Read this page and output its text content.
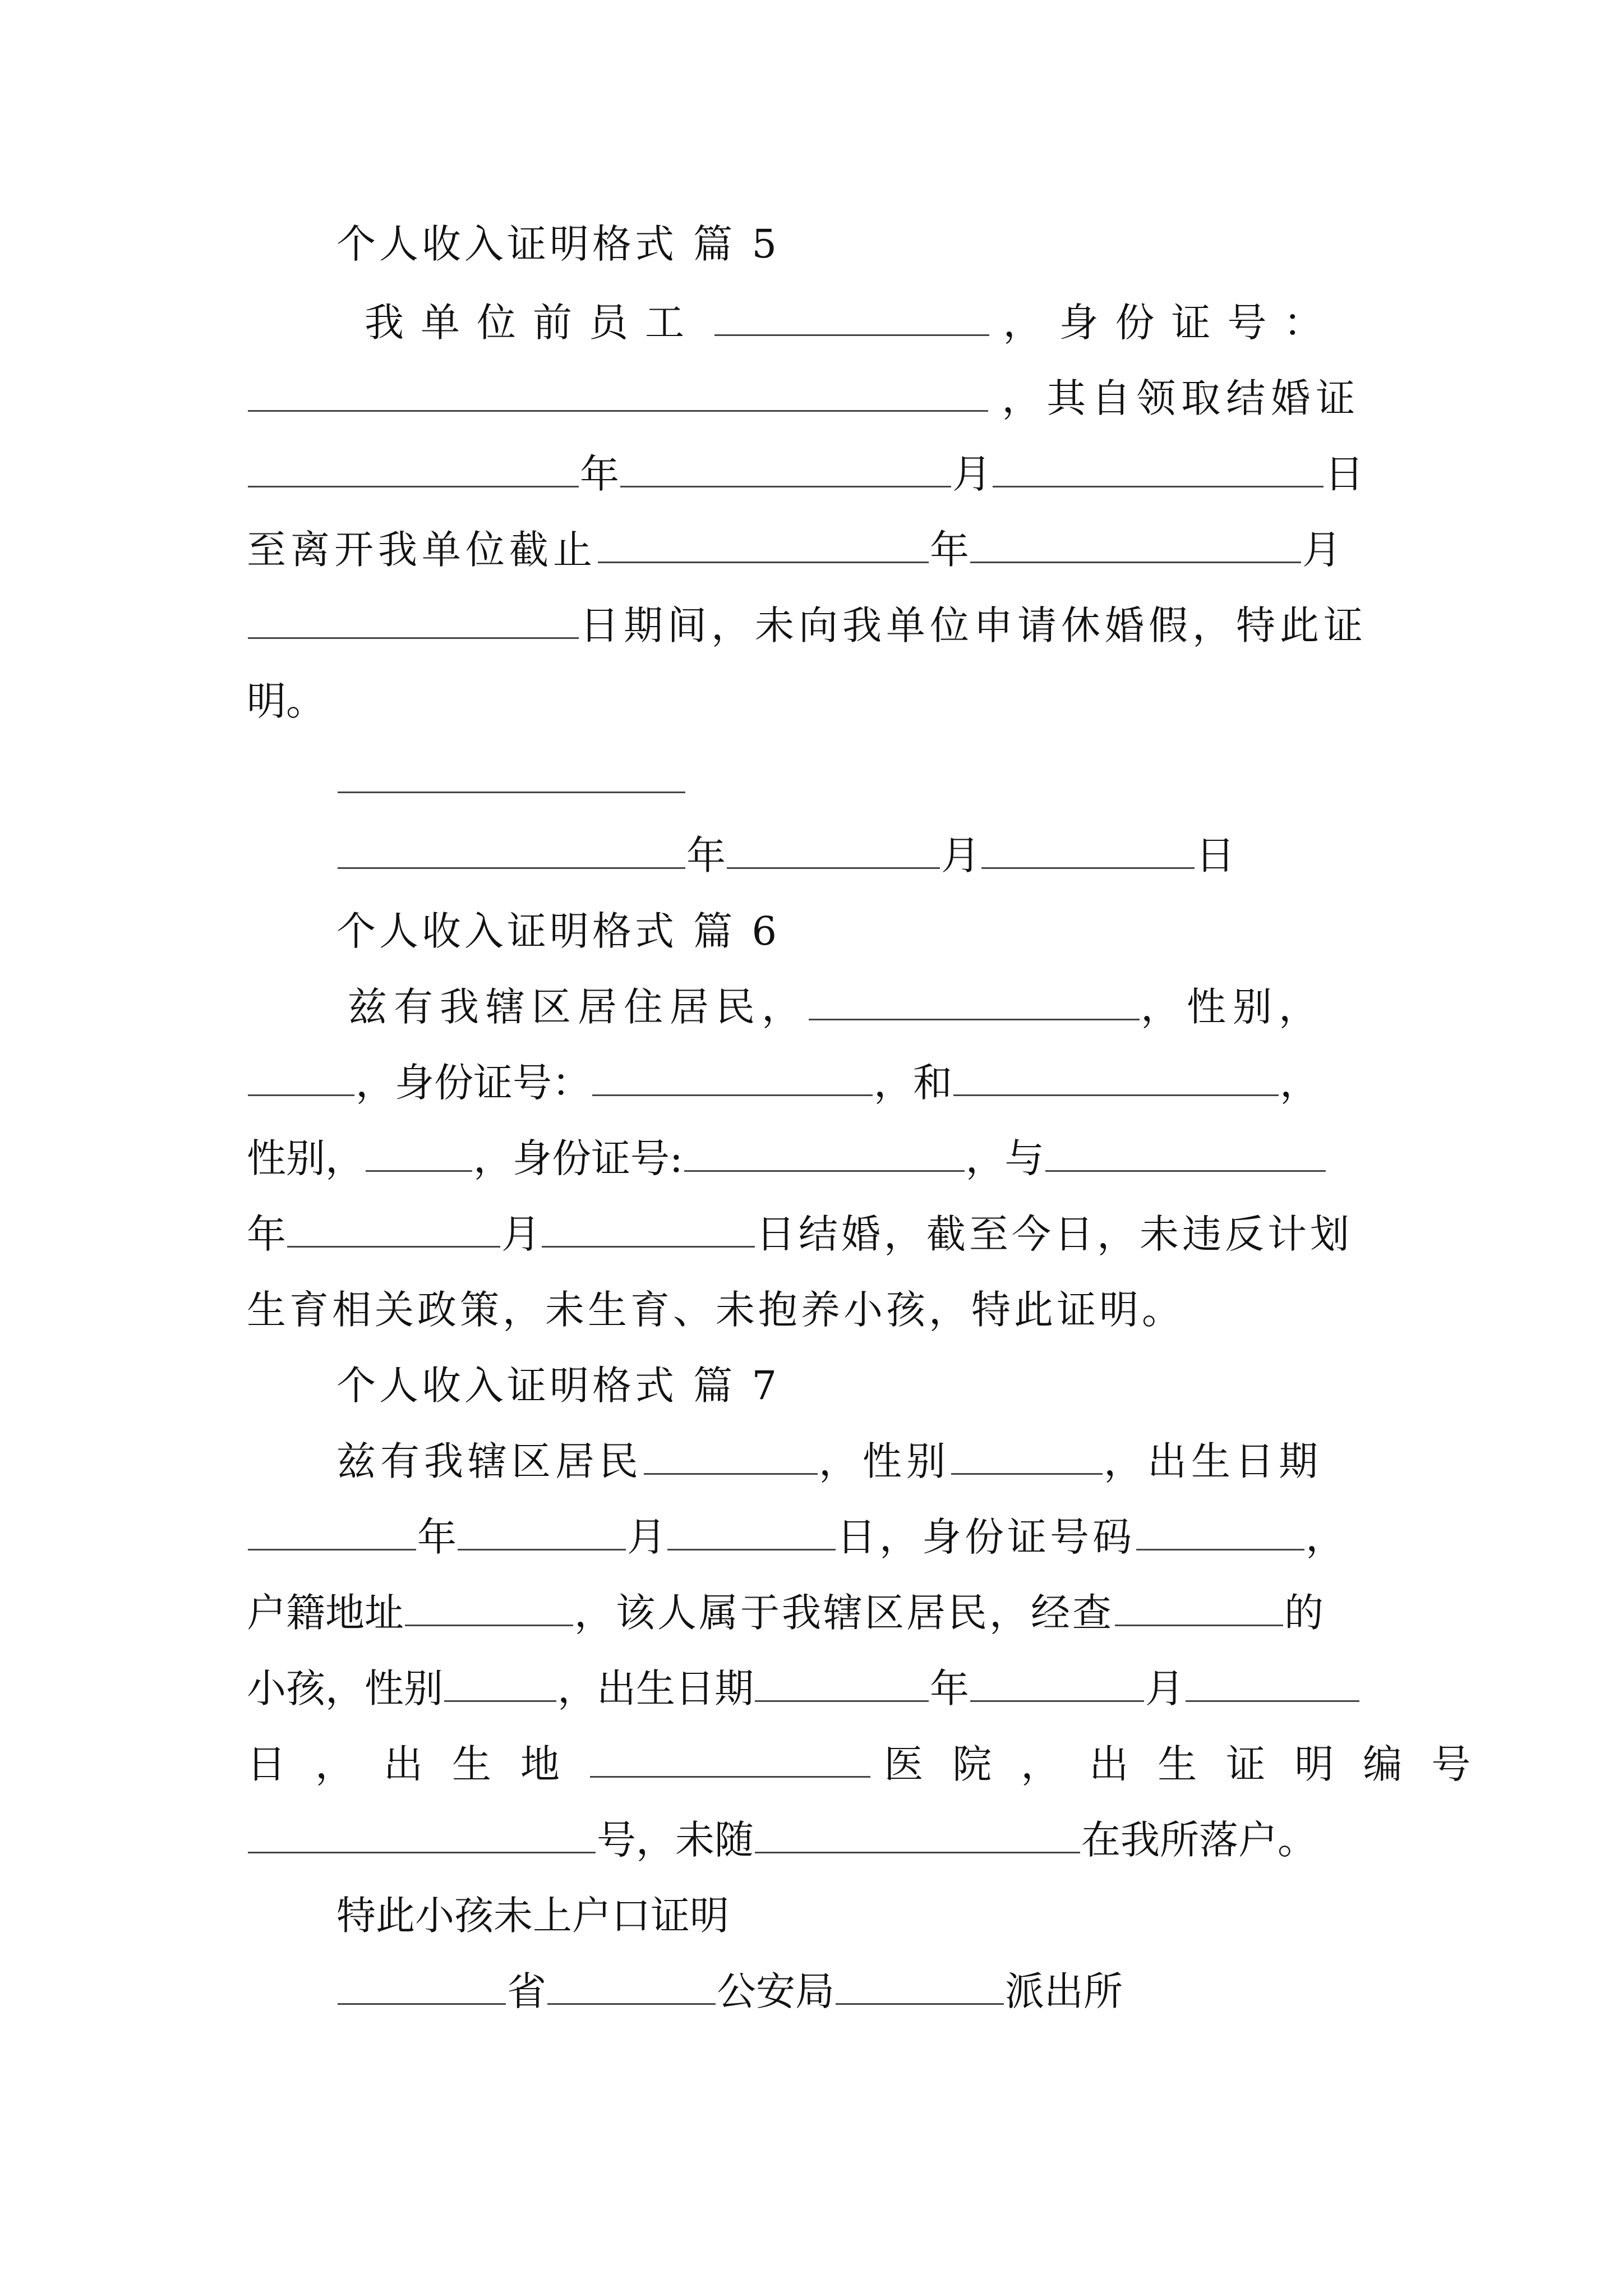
个人收入证明格式 篇 5
我单位前员工	，身份证号：
，其自领取结婚证
年	月	日
至离开我单位截止	年	月
日期间，未向我单位申请休婚假，特此证
明。
年	月	日
个人收入证明格式 篇 6
兹有我辖区居住居民，	，性别，
，身份证号：	，和	，
性别，	，身份证号:	，与
年	月	日结婚，截至今日，未违反计划
生育相关政策，未生育、未抱养小孩，特此证明。
个人收入证明格式 篇 7
兹有我辖区居民	，性别	，出生日期
年	月	日，身份证号码	，
户籍地址	，该人属于我辖区居民，经查	的
小孩，性别	，出生日期	年	月
日，出生地	医院，出生证明编号
号，未随	在我所落户。
特此小孩未上户口证明
省	公安局	派出所
